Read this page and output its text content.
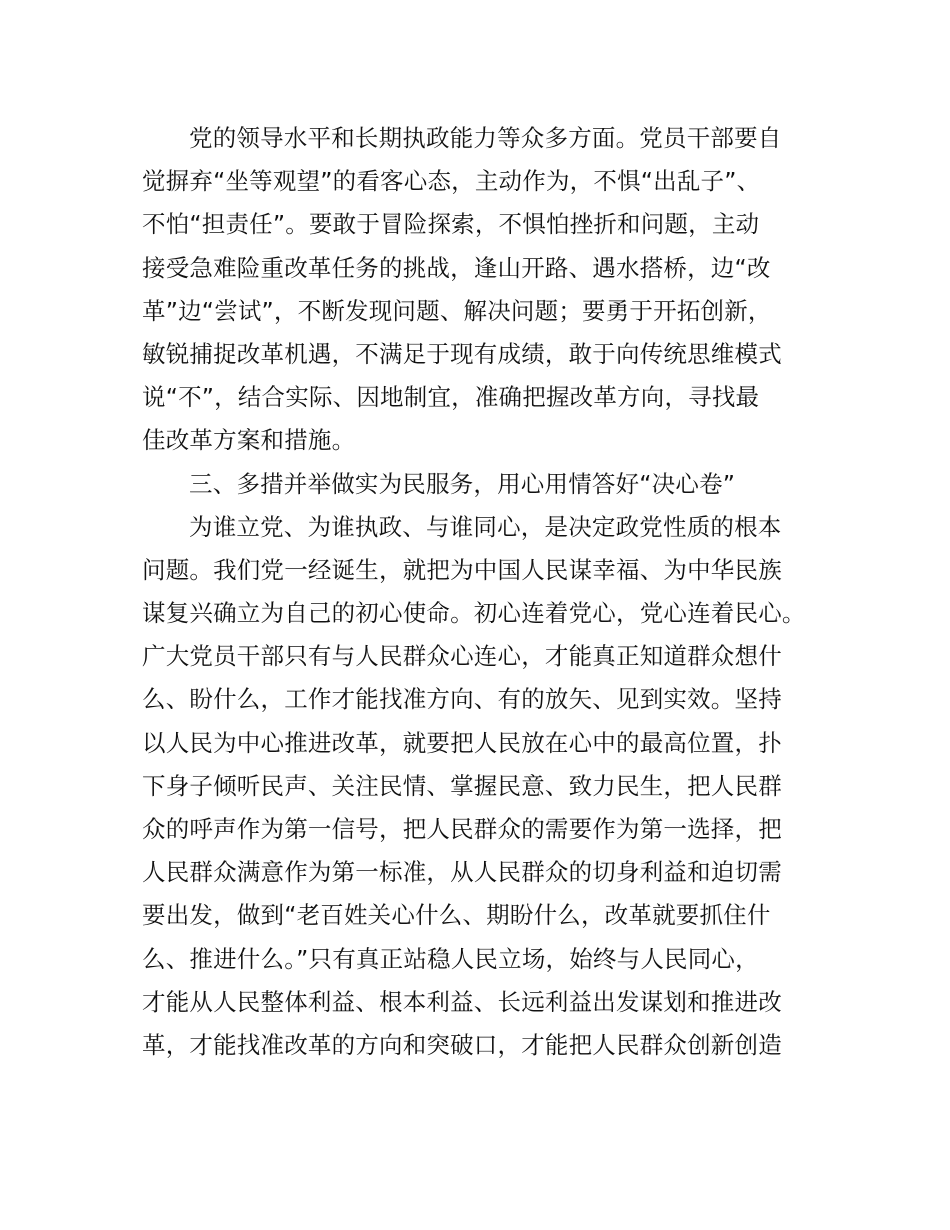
党的领导水平和长期执政能力等众多方面。党员干部要自
觉摒弃“坐等观望”的看客心态，主动作为，不惧“出乱子”、
不怕“担责任”。要敢于冒险探索，不惧怕挫折和问题，主动
接受急难险重改革任务的挑战，逢山开路、遇水搭桥，边“改
革”边“尝试”，不断发现问题、解决问题；要勇于开拓创新，
敏锐捕捉改革机遇，不满足于现有成绩，敢于向传统思维模式
说“不”，结合实际、因地制宜，准确把握改革方向，寻找最
佳改革方案和措施。
三、多措并举做实为民服务，用心用情答好“决心卷”
为谁立党、为谁执政、与谁同心，是决定政党性质的根本
问题。我们党一经诞生，就把为中国人民谋幸福、为中华民族
谋复兴确立为自己的初心使命。初心连着党心，党心连着民心。
广大党员干部只有与人民群众心连心，才能真正知道群众想什
么、盼什么，工作才能找准方向、有的放矢、见到实效。坚持
以人民为中心推进改革，就要把人民放在心中的最高位置，扑
下身子倾听民声、关注民情、掌握民意、致力民生，把人民群
众的呼声作为第一信号，把人民群众的需要作为第一选择，把
人民群众满意作为第一标准，从人民群众的切身利益和迫切需
要出发，做到“老百姓关心什么、期盼什么，改革就要抓住什
么、推进什么。”只有真正站稳人民立场，始终与人民同心，
才能从人民整体利益、根本利益、长远利益出发谋划和推进改
革，才能找准改革的方向和突破口，才能把人民群众创新创造
